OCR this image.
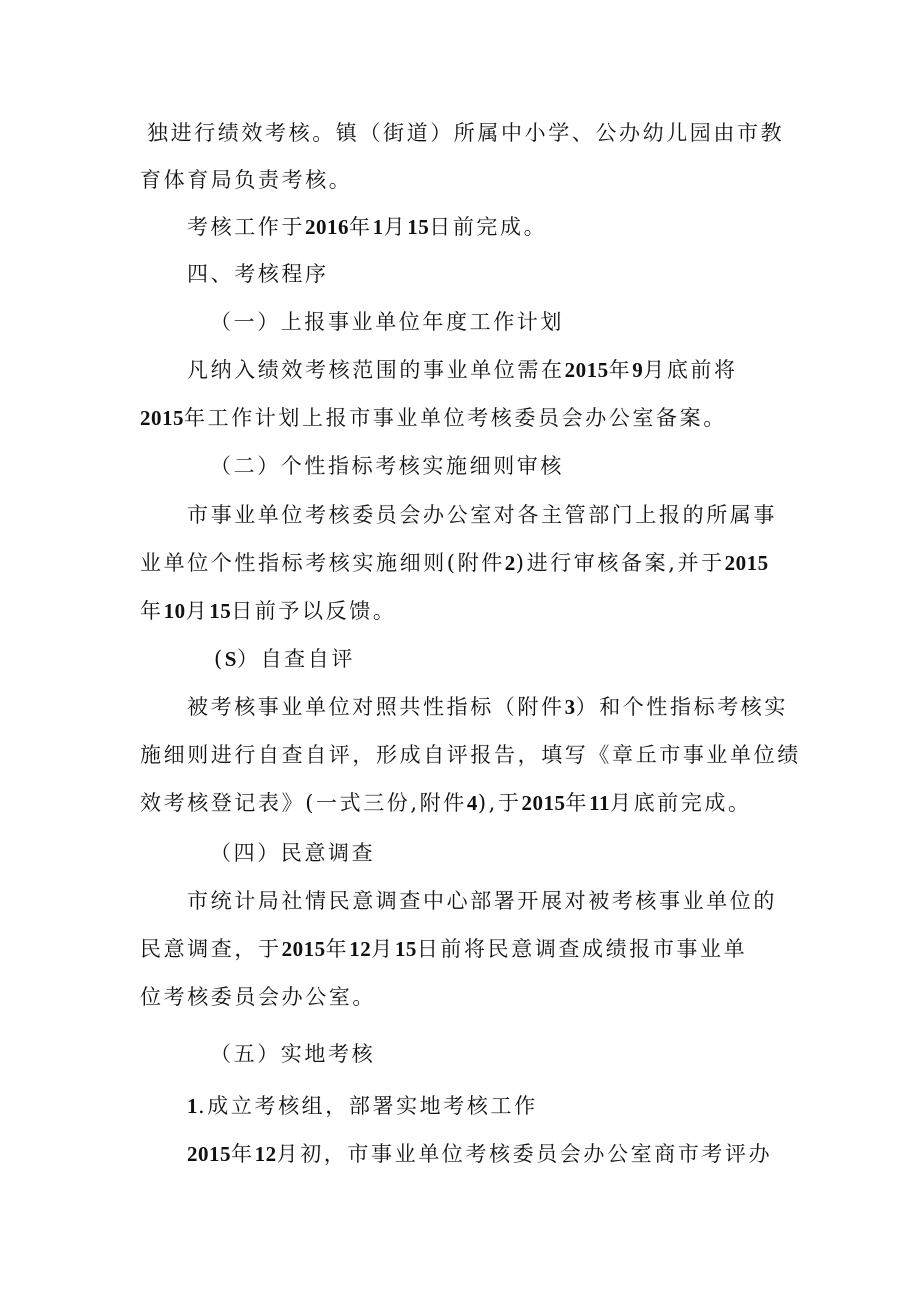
独进行绩效考核。镇（街道）所属中小学、公办幼儿园由市教

育体育局负责考核。

考核工作于2016年1月15日前完成。

四、考核程序

（一）上报事业单位年度工作计划

凡纳入绩效考核范围的事业单位需在2015年9月底前将

2015年工作计划上报市事业单位考核委员会办公室备案。

（二）个性指标考核实施细则审核

市事业单位考核委员会办公室对各主管部门上报的所属事

业单位个性指标考核实施细则(附件2)进行审核备案,并于2015

年10月15日前予以反馈。

(S）自查自评

被考核事业单位对照共性指标（附件3）和个性指标考核实

施细则进行自查自评，形成自评报告，填写《章丘市事业单位绩

效考核登记表》(一式三份,附件4),于2015年11月底前完成。

（四）民意调查

市统计局社情民意调查中心部署开展对被考核事业单位的

民意调查，于2015年12月15日前将民意调查成绩报市事业单

位考核委员会办公室。

（五）实地考核

1.成立考核组，部署实地考核工作

2015年12月初，市事业单位考核委员会办公室商市考评办
